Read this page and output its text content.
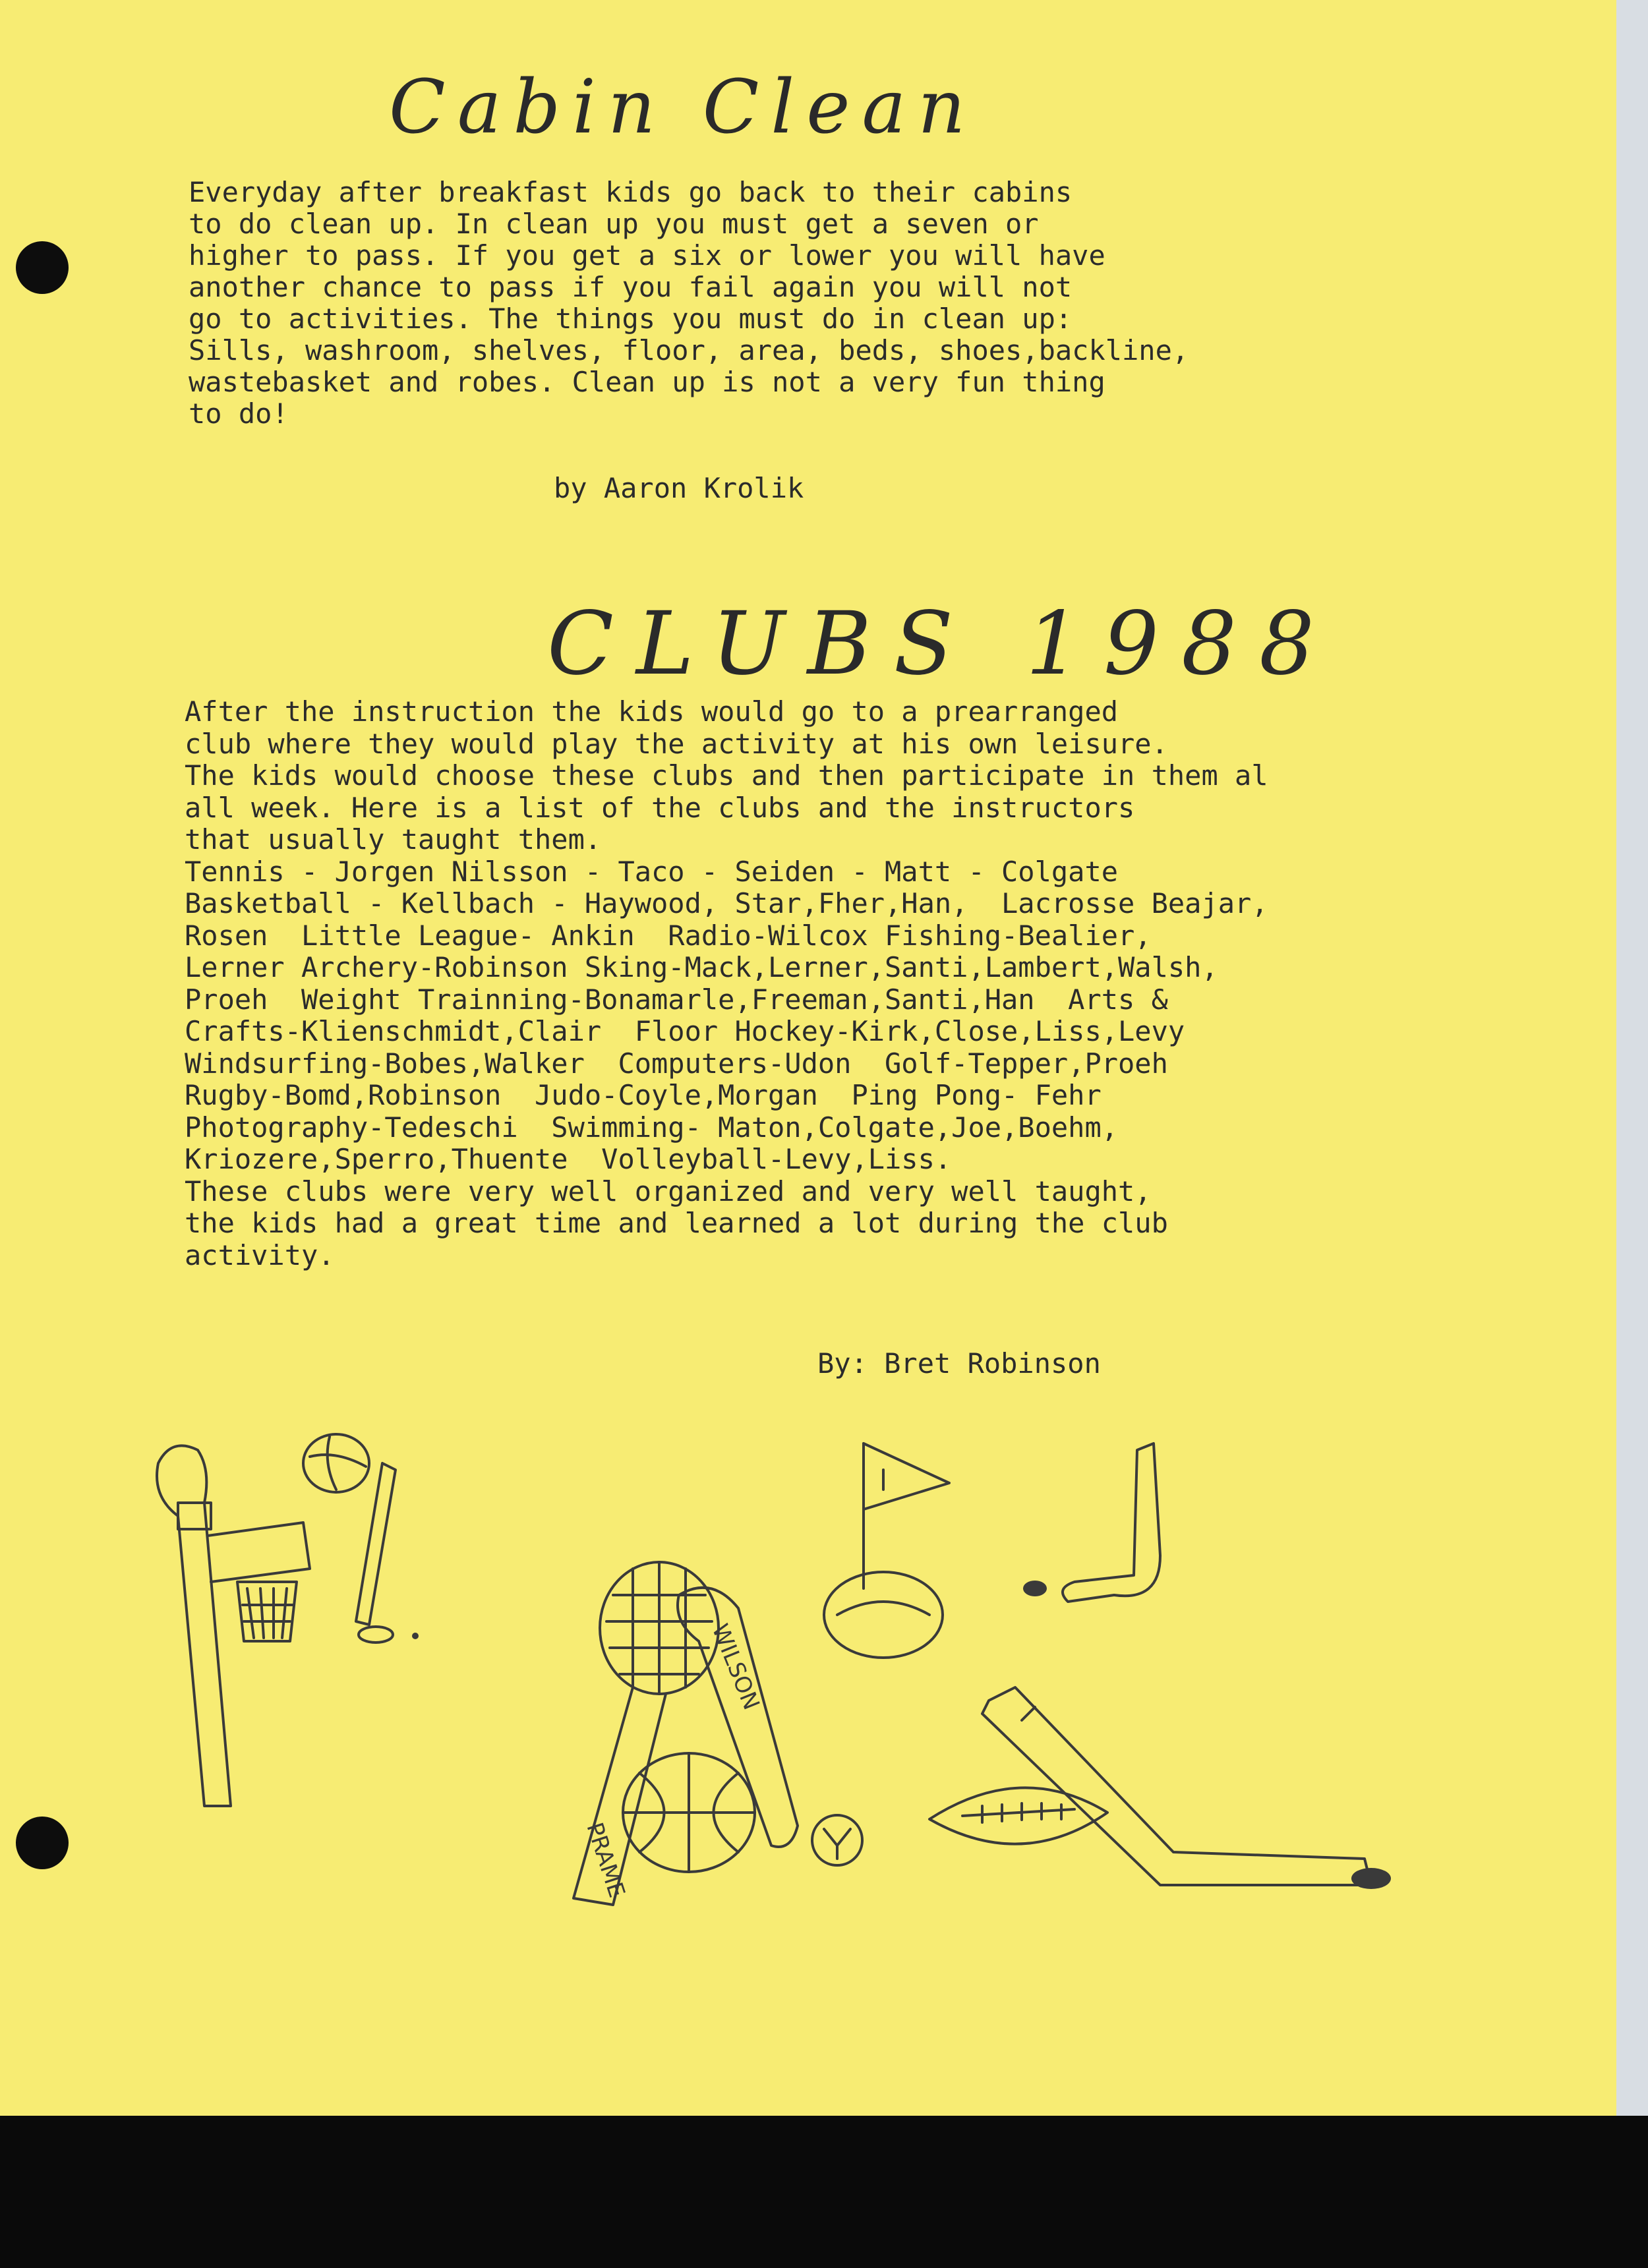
Cabin Clean

Everyday after breakfast kids go back to their cabins
to do clean up. In clean up you must get a seven or
higher to pass. If you get a six or lower you will have
another chance to pass if you fail again you will not
go to activities. The things you must do in clean up:
Sills, washroom, shelves, floor, area, beds, shoes,backline,
wastebasket and robes. Clean up is not a very fun thing
to do!

by Aaron Krolik

CLUBS 1988

After the instruction the kids would go to a prearranged
club where they would play the activity at his own leisure.
The kids would choose these clubs and then participate in them al
all week. Here is a list of the clubs and the instructors
that usually taught them.
Tennis - Jorgen Nilsson - Taco - Seiden - Matt - Colgate
Basketball - Kellbach - Haywood, Star,Fher,Han,  Lacrosse Beajar,
Rosen  Little League- Ankin  Radio-Wilcox Fishing-Bealier,
Lerner Archery-Robinson Sking-Mack,Lerner,Santi,Lambert,Walsh,
Proeh  Weight Trainning-Bonamarle,Freeman,Santi,Han  Arts &
Crafts-Klienschmidt,Clair  Floor Hockey-Kirk,Close,Liss,Levy
Windsurfing-Bobes,Walker  Computers-Udon  Golf-Tepper,Proeh
Rugby-Bomd,Robinson  Judo-Coyle,Morgan  Ping Pong- Fehr
Photography-Tedeschi  Swimming- Maton,Colgate,Joe,Boehm,
Kriozere,Sperro,Thuente  Volleyball-Levy,Liss.
These clubs were very well organized and very well taught,
the kids had a great time and learned a lot during the club
activity.

By: Bret Robinson

PRAME
WILSON
